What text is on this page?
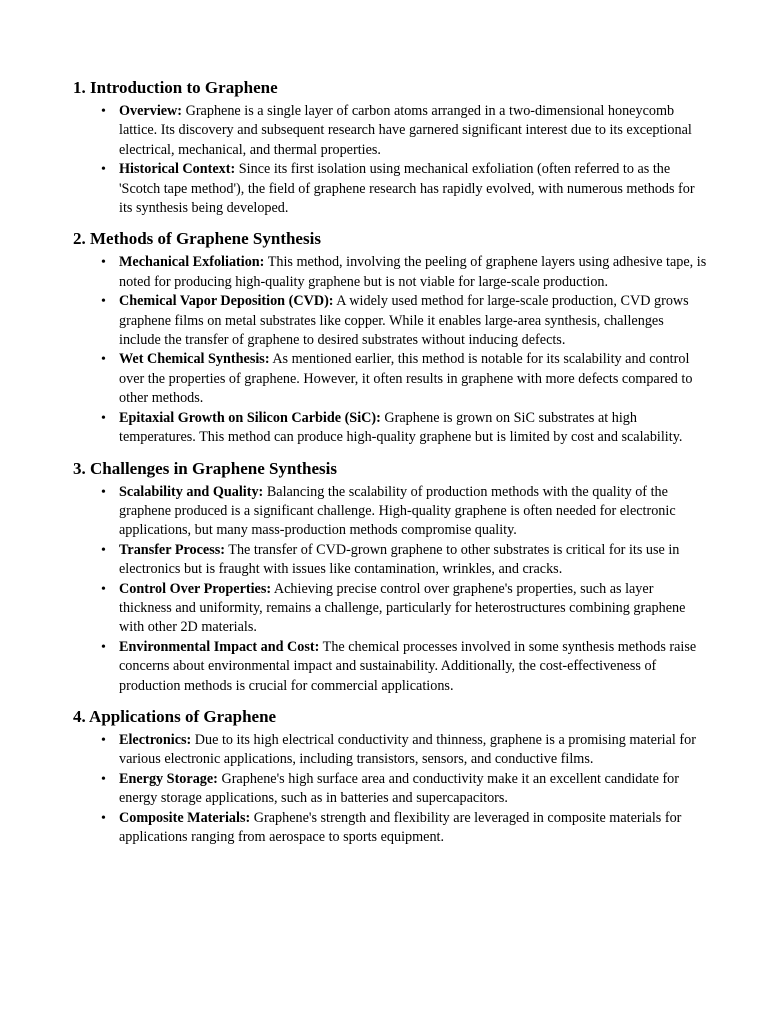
1. Introduction to Graphene
• Overview: Graphene is a single layer of carbon atoms arranged in a two-dimensional honeycomb lattice. Its discovery and subsequent research have garnered significant interest due to its exceptional electrical, mechanical, and thermal properties.
• Historical Context: Since its first isolation using mechanical exfoliation (often referred to as the 'Scotch tape method'), the field of graphene research has rapidly evolved, with numerous methods for its synthesis being developed.
2. Methods of Graphene Synthesis
• Mechanical Exfoliation: This method, involving the peeling of graphene layers using adhesive tape, is noted for producing high-quality graphene but is not viable for large-scale production.
• Chemical Vapor Deposition (CVD): A widely used method for large-scale production, CVD grows graphene films on metal substrates like copper. While it enables large-area synthesis, challenges include the transfer of graphene to desired substrates without inducing defects.
• Wet Chemical Synthesis: As mentioned earlier, this method is notable for its scalability and control over the properties of graphene. However, it often results in graphene with more defects compared to other methods.
• Epitaxial Growth on Silicon Carbide (SiC): Graphene is grown on SiC substrates at high temperatures. This method can produce high-quality graphene but is limited by cost and scalability.
3. Challenges in Graphene Synthesis
• Scalability and Quality: Balancing the scalability of production methods with the quality of the graphene produced is a significant challenge. High-quality graphene is often needed for electronic applications, but many mass-production methods compromise quality.
• Transfer Process: The transfer of CVD-grown graphene to other substrates is critical for its use in electronics but is fraught with issues like contamination, wrinkles, and cracks.
• Control Over Properties: Achieving precise control over graphene's properties, such as layer thickness and uniformity, remains a challenge, particularly for heterostructures combining graphene with other 2D materials.
• Environmental Impact and Cost: The chemical processes involved in some synthesis methods raise concerns about environmental impact and sustainability. Additionally, the cost-effectiveness of production methods is crucial for commercial applications.
4. Applications of Graphene
• Electronics: Due to its high electrical conductivity and thinness, graphene is a promising material for various electronic applications, including transistors, sensors, and conductive films.
• Energy Storage: Graphene's high surface area and conductivity make it an excellent candidate for energy storage applications, such as in batteries and supercapacitors.
• Composite Materials: Graphene's strength and flexibility are leveraged in composite materials for applications ranging from aerospace to sports equipment.
